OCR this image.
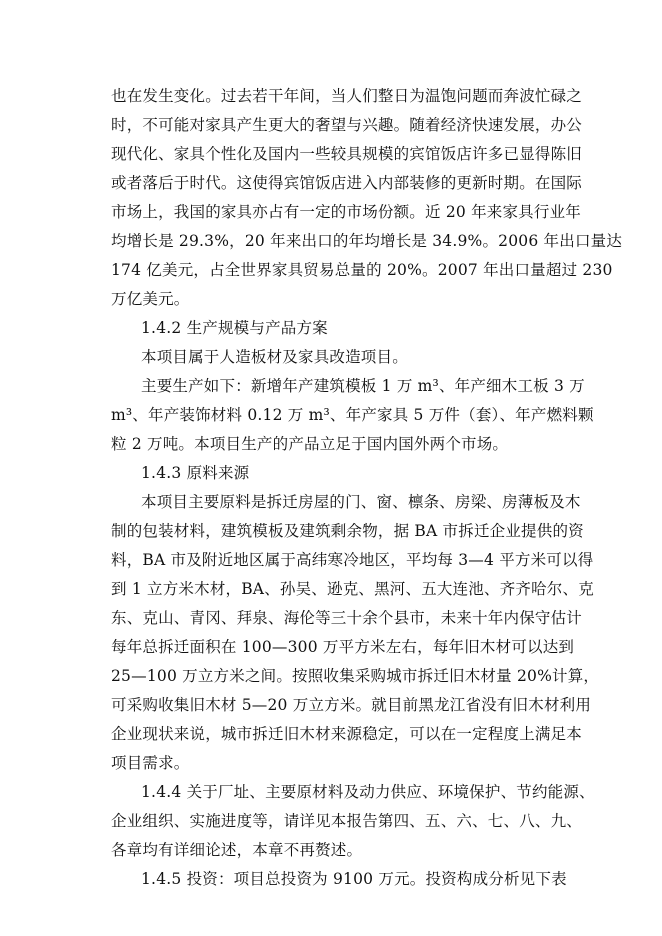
也在发生变化。过去若干年间，当人们整日为温饱问题而奔波忙碌之
时，不可能对家具产生更大的奢望与兴趣。随着经济快速发展，办公
现代化、家具个性化及国内一些较具规模的宾馆饭店许多已显得陈旧
或者落后于时代。这使得宾馆饭店进入内部装修的更新时期。在国际
市场上，我国的家具亦占有一定的市场份额。近 20 年来家具行业年
均增长是 29.3%，20 年来出口的年均增长是 34.9%。2006 年出口量达
174 亿美元，占全世界家具贸易总量的 20%。2007 年出口量超过 230
万亿美元。
1.4.2 生产规模与产品方案
本项目属于人造板材及家具改造项目。
主要生产如下：新增年产建筑模板 1 万 m³、年产细木工板 3 万
m³、年产装饰材料 0.12 万 m³、年产家具 5 万件（套）、年产燃料颗
粒 2 万吨。本项目生产的产品立足于国内国外两个市场。
1.4.3 原料来源
本项目主要原料是拆迁房屋的门、窗、檩条、房梁、房薄板及木
制的包装材料，建筑模板及建筑剩余物，据 BA 市拆迁企业提供的资
料，BA 市及附近地区属于高纬寒冷地区，平均每 3—4 平方米可以得
到 1 立方米木材，BA、孙吴、逊克、黑河、五大连池、齐齐哈尔、克
东、克山、青冈、拜泉、海伦等三十余个县市，未来十年内保守估计
每年总拆迁面积在 100—300 万平方米左右，每年旧木材可以达到
25—100 万立方米之间。按照收集采购城市拆迁旧木材量 20%计算，
可采购收集旧木材 5—20 万立方米。就目前黑龙江省没有旧木材利用
企业现状来说，城市拆迁旧木材来源稳定，可以在一定程度上满足本
项目需求。
1.4.4 关于厂址、主要原材料及动力供应、环境保护、节约能源、
企业组织、实施进度等，请详见本报告第四、五、六、七、八、九、
各章均有详细论述，本章不再赘述。
1.4.5 投资：项目总投资为 9100 万元。投资构成分析见下表
